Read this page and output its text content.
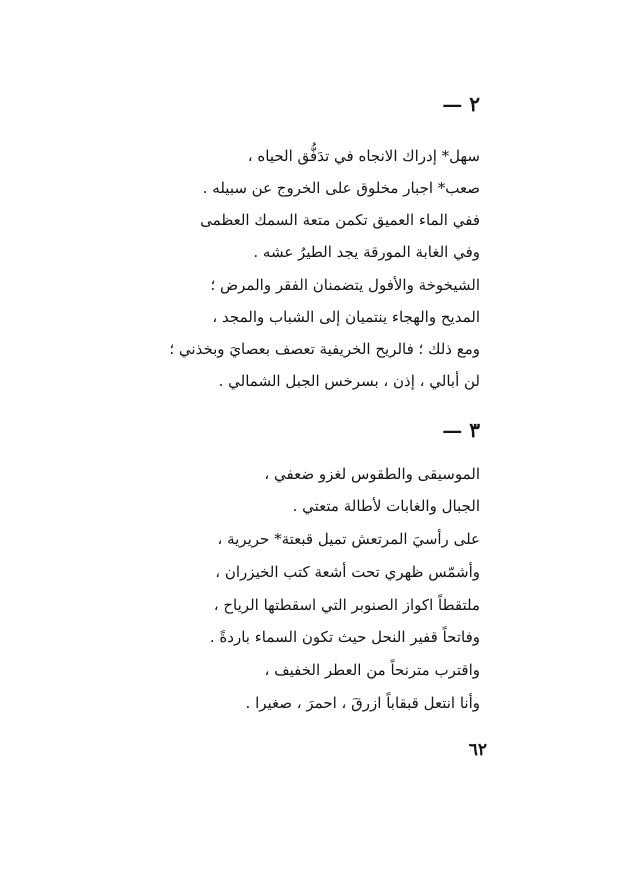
٢ —
سهل* إدراك الانجاه في تدَفُّق الحياه ،
صعب* اجبار مخلوق على الخروج عن سبيله .
ففي الماء العميق تكمن متعة السمك العظمى
وفي الغابة المورقة يجد الطيرُ عشه .
الشيخوخة والأفول يتضمنان الفقر والمرض ؛
المديح والهجاء ينتميان إلى الشباب والمجد ،
ومع ذلك ؛ فالريح الخريفية تعصف بعصايَ وبخذني ؛
لن أبالي ، إذن ، بسرخس الجبل الشمالي .
٣ —
الموسيقى والطقوس لغزو ضعفي ،
الجبال والغابات لأطالة متعتي .
على رأسيَ المرتعش تميل قبعتة* حريرية ،
وأشمّس ظهري تحت أشعة كتب الخيزران ،
ملتقطاً اكواز الصنوبر التي اسقطتها الرياح ،
وفاتحاً قفير النحل حيث تكون السماء باردةً .
واقترب مترنحاً من العطر الخفيف ،
وأنا انتعل قبقاباً ازرقَ ، احمرَ ، صغيرا .
٦٢
